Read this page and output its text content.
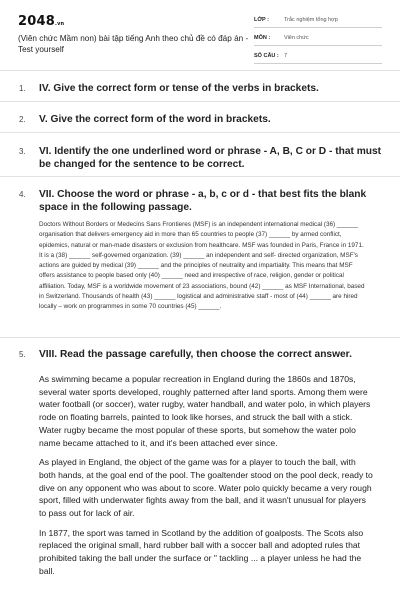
2048.vn
(Viên chức Mầm non) bài tập tiếng Anh theo chủ đề có đáp án - Test yourself
LỚP :	Trắc nghiệm tổng hợp
MÔN :	Viên chức
SỐ CÂU : 7
1. IV. Give the correct form or tense of the verbs in brackets.
2. V. Give the correct form of the word in brackets.
3. VI. Identify the one underlined word or phrase - A, B, C or D - that must be changed for the sentence to be correct.
4. VII. Choose the word or phrase - a, b, c or d - that best fits the blank space in the following passage.
Doctors Without Borders or Medecins Sans Frontieres (MSF) is an independent international medical (36) ______ organisation that delivers emergency aid in more than 65 countries to people (37) ______ by armed conflict, epidemics, natural or man-made disasters or exclusion from healthcare. MSF was founded in Paris, France in 1971. It is a (38) ______ self-governed organization. (39) ______ an independent and self- directed organization, MSF's actions are guided by medical (39) ______ and the principles of neutrality and impartiality. This means that MSF offers assistance to people based only (40) ______ need and irrespective of race, religion, gender or political affiliation. Today, MSF is a worldwide movement of 23 associations, bound (42) ______ as MSF International, based in Switzerland. Thousands of health (43) ______ logistical and administrative staff - most of (44) ______ are hired locally – work on programmes in some 70 countries (45) ______.
5. VIII. Read the passage carefully, then choose the correct answer.

As swimming became a popular recreation in England during the 1860s and 1870s, several water sports developed, roughly patterned after land sports. Among them were water football (or soccer), water rugby, water handball, and water polo, in which players rode on floating barrels, painted to look like horses, and struck the ball with a stick. Water rugby became the most popular of these sports, but somehow the water polo name became attached to it, and it's been attached ever since.

As played in England, the object of the game was for a player to touch the ball, with both hands, at the goal end of the pool. The goaltender stood on the pool deck, ready to dive on any opponent who was about to score. Water polo quickly became a very rough sport, filled with underwater fights away from the ball, and it wasn't unusual for players to pass out for lack of air.

In 1877, the sport was tamed in Scotland by the addition of goalposts. The Scots also replaced the original small, hard rubber ball with a soccer ball and adopted rules that prohibited taking the ball under the surface or " tackling ... a player unless he had the ball.
